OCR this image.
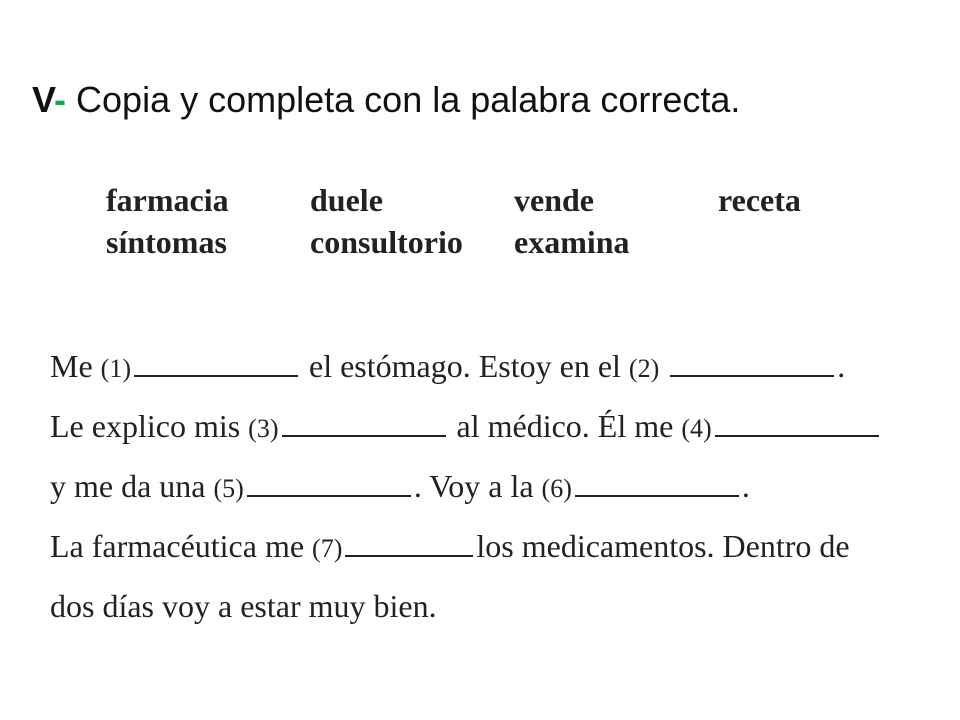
V- Copia y completa con la palabra correcta.
farmacia	duele	vende	receta
síntomas	consultorio	examina
Me (1)	el estómago. Estoy en el (2)	.
Le explico mis (3)	al médico. Él me (4)
y me da una (5)	. Voy a la (6)	.
La farmacéutica me (7)	los medicamentos. Dentro de
dos días voy a estar muy bien.
